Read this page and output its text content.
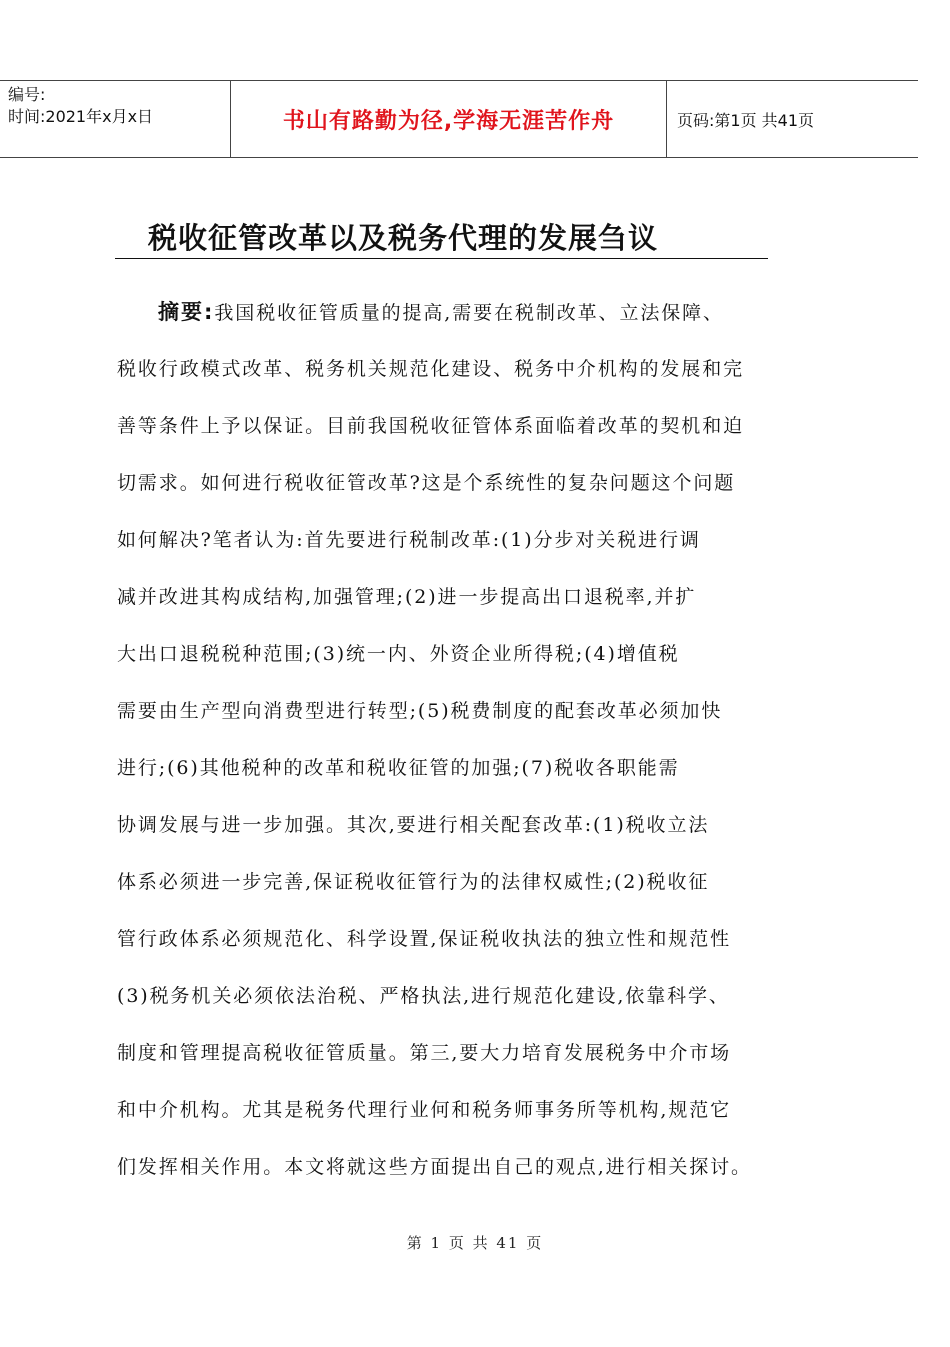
编号:
时间:2021年x月x日	书山有路勤为径,学海无涯苦作舟	页码:第1页 共41页
税收征管改革以及税务代理的发展刍议
摘要:我国税收征管质量的提高,需要在税制改革、立法保障、
税收行政模式改革、税务机关规范化建设、税务中介机构的发展和完
善等条件上予以保证。目前我国税收征管体系面临着改革的契机和迫
切需求。如何进行税收征管改革?这是个系统性的复杂问题这个问题
如何解决?笔者认为:首先要进行税制改革:(1)分步对关税进行调
减并改进其构成结构,加强管理;(2)进一步提高出口退税率,并扩
大出口退税税种范围;(3)统一内、外资企业所得税;(4)增值税
需要由生产型向消费型进行转型;(5)税费制度的配套改革必须加快
进行;(6)其他税种的改革和税收征管的加强;(7)税收各职能需
协调发展与进一步加强。其次,要进行相关配套改革:(1)税收立法
体系必须进一步完善,保证税收征管行为的法律权威性;(2)税收征
管行政体系必须规范化、科学设置,保证税收执法的独立性和规范性
(3)税务机关必须依法治税、严格执法,进行规范化建设,依靠科学、
制度和管理提高税收征管质量。第三,要大力培育发展税务中介市场
和中介机构。尤其是税务代理行业何和税务师事务所等机构,规范它
们发挥相关作用。本文将就这些方面提出自己的观点,进行相关探讨。
第 1 页 共 41 页
